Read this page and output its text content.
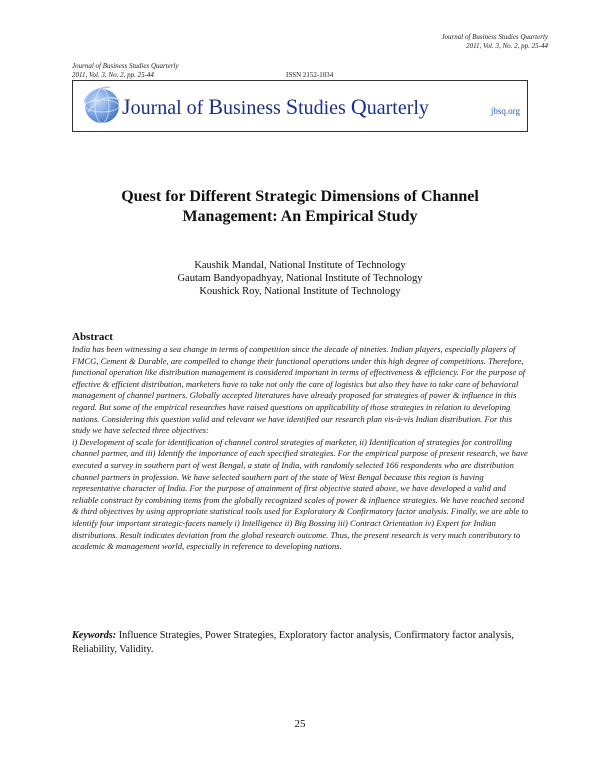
Journal of Business Studies Quarterly
2011, Vol. 3, No. 2, pp. 25-44
Journal of Business Studies Quarterly
2011, Vol. 3, No. 2, pp. 25-44	ISSN 2152-1034
Journal of Business Studies Quarterly	jbsq.org
Quest for Different Strategic Dimensions of Channel
Management: An Empirical Study
Kaushik Mandal, National Institute of Technology
Gautam Bandyopadhyay, National Institute of Technology
Koushick Roy, National Institute of Technology
Abstract

India has been witnessing a sea change in terms of competition since the decade of nineties. Indian players, especially players of FMCG, Cement & Durable, are compelled to change their functional operations under this high degree of competitions. Therefore, functional operation like distribution management is considered important in terms of effectiveness & efficiency. For the purpose of effective & efficient distribution, marketers have to take not only the care of logistics but also they have to take care of behavioral management of channel partners. Globally accepted literatures have already proposed for strategies of power & influence in this regard. But some of the empirical researches have raised questions on applicability of those strategies in relation to developing nations. Considering this question valid and relevant we have identified our research plan vis-à-vis Indian distribution. For this study we have selected three objectives:

i) Development of scale for identification of channel control strategies of marketer, ii) Identification of strategies for controlling channel partner, and iii) Identify the importance of each specified strategies. For the empirical purpose of present research, we have executed a survey in southern part of west Bengal, a state of India, with randomly selected 166 respondents who are distribution channel partners in profession. We have selected southern part of the state of West Bengal because this region is having representative character of India. For the purpose of attainment of first objective stated above, we have developed a valid and reliable construct by combining items from the globally recognized scales of power & influence strategies. We have reached second & third objectives by using appropriate statistical tools used for Exploratory & Confirmatory factor analysis. Finally, we are able to identify four important strategic-facets namely i) Intelligence ii) Big Bossing iii) Contract Orientation iv) Expert for Indian distributions. Result indicates deviation from the global research outcome. Thus, the present research is very much contributory to academic & management world, especially in reference to developing nations.

Keywords: Influence Strategies, Power Strategies, Exploratory factor analysis, Confirmatory factor analysis, Reliability, Validity.
25
